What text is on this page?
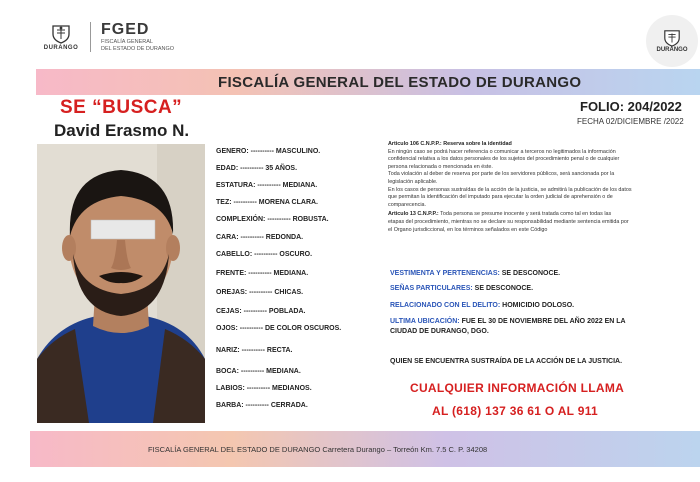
DURANGO
FGED
FISCALÍA GENERAL
DEL ESTADO DE DURANGO	DURANGO
FISCALÍA GENERAL DEL ESTADO DE DURANGO
SE “BUSCA”
David Erasmo N.
GENERO: ---------- MASCULINO.
EDAD: ---------- 35 AÑOS.
ESTATURA: ---------- MEDIANA.
TEZ: ---------- MORENA CLARA.
COMPLEXIÓN: ---------- ROBUSTA.
CARA: ---------- REDONDA.
CABELLO: ---------- OSCURO.
FRENTE: ---------- MEDIANA.
OREJAS: ---------- CHICAS.
CEJAS: ---------- POBLADA.
OJOS: ---------- DE COLOR OSCUROS.
NARIZ: ---------- RECTA.
BOCA: ---------- MEDIANA.
LABIOS: ---------- MEDIANOS.
BARBA: ---------- CERRADA.
FOLIO: 204/2022
FECHA 02/DICIEMBRE /2022

Articulo 106 C.N.P.P.: Reserva sobre la identidad

En ningún caso se podrá hacer referencia o comunicar a terceros no legitimados la información

confidencial relativa a los datos personales de los sujetos del procedimiento penal o de cualquier

persona relacionada o mencionada en éste.

Toda violación al deber de reserva por parte de los servidores públicos, será sancionada por la

legislación aplicable.

En los casos de personas sustraídas de la acción de la justicia, se admitirá la publicación de los datos

que permitan la identificación del imputado para ejecutar la orden judicial de aprehensión o de

comparecencia.

Articulo 13 C.N.P.P.: Toda persona se presume inocente y será tratada como tal en todas las

etapas del procedimiento, mientras no se declare su responsabilidad mediante sentencia emitida por

el Órgano jurisdiccional, en los términos señalados en este Código

VESTIMENTA Y PERTENENCIAS: SE DESCONOCE.
SEÑAS PARTICULARES: SE DESCONOCE.
RELACIONADO CON EL DELITO: HOMICIDIO DOLOSO.
ULTIMA UBICACIÓN: FUE EL 30 DE NOVIEMBRE DEL AÑO 2022 EN LA
CIUDAD DE DURANGO, DGO.
QUIEN SE ENCUENTRA SUSTRAÍDA DE LA ACCIÓN DE LA JUSTICIA.
CUALQUIER INFORMACIÓN LLAMA
AL (618) 137 36 61 O AL 911

FISCALÍA GENERAL DEL ESTADO DE DURANGO Carretera Durango – Torreón Km. 7.5 C. P. 34208
